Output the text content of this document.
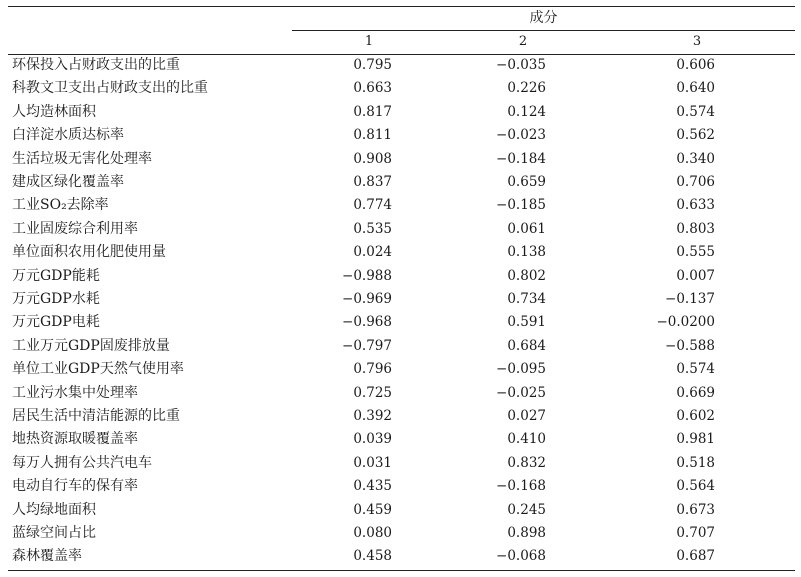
成分
1	2	3
环保投入占财政支出的比重	0.795	−0.035	0.606
科教文卫支出占财政支出的比重	0.663	0.226	0.640
人均造林面积	0.817	0.124	0.574
白洋淀水质达标率	0.811	−0.023	0.562
生活垃圾无害化处理率	0.908	−0.184	0.340
建成区绿化覆盖率	0.837	0.659	0.706
工业SO₂去除率	0.774	−0.185	0.633
工业固废综合利用率	0.535	0.061	0.803
单位面积农用化肥使用量	0.024	0.138	0.555
万元GDP能耗	−0.988	0.802	0.007
万元GDP水耗	−0.969	0.734	−0.137
万元GDP电耗	−0.968	0.591	−0.0200
工业万元GDP固废排放量	−0.797	0.684	−0.588
单位工业GDP天然气使用率	0.796	−0.095	0.574
工业污水集中处理率	0.725	−0.025	0.669
居民生活中清洁能源的比重	0.392	0.027	0.602
地热资源取暖覆盖率	0.039	0.410	0.981
每万人拥有公共汽电车	0.031	0.832	0.518
电动自行车的保有率	0.435	−0.168	0.564
人均绿地面积	0.459	0.245	0.673
蓝绿空间占比	0.080	0.898	0.707
森林覆盖率	0.458	−0.068	0.687
